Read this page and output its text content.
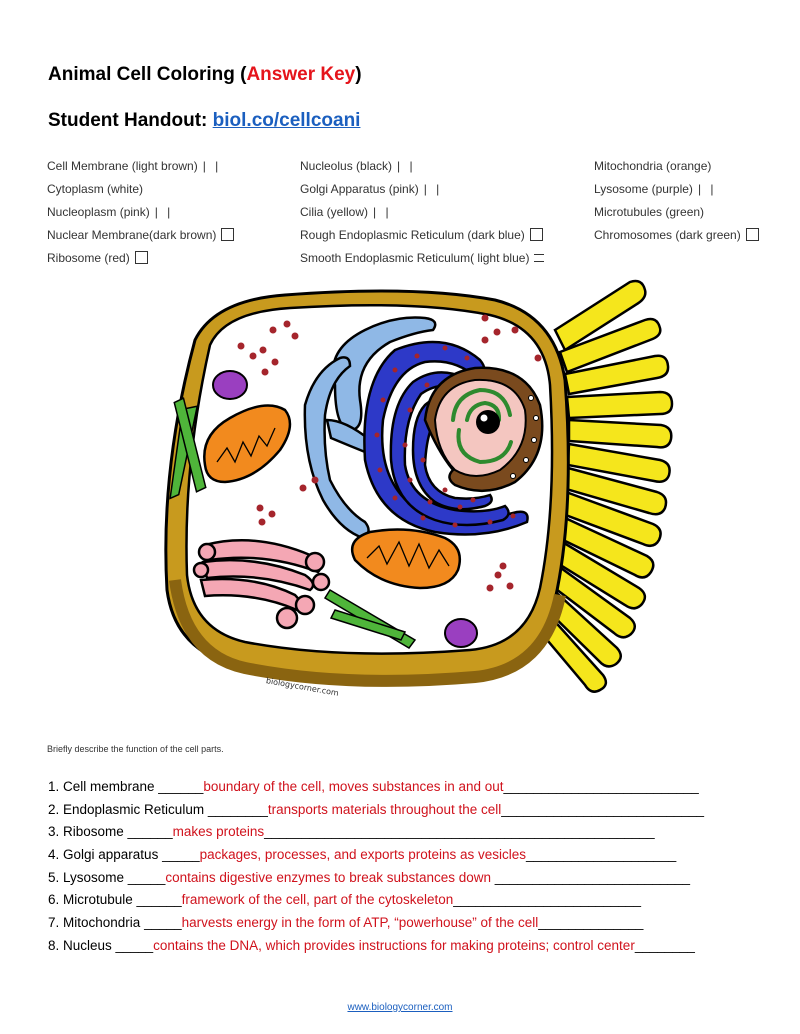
Animal Cell Coloring (Answer Key)
Student Handout: biol.co/cellcoani
Cell Membrane (light brown) | |
Cytoplasm (white)
Nucleoplasm (pink) | |
Nuclear Membrane(dark brown)
Ribosome (red)
Nucleolus (black) | |
Golgi Apparatus (pink) | |
Cilia (yellow) | |
Rough Endoplasmic Reticulum (dark blue)
Smooth Endoplasmic Reticulum( light blue)
Mitochondria (orange)
Lysosome (purple) | |
Microtubules (green)
Chromosomes (dark green)
biologycorner.com
Briefly describe the function of the cell parts.
1. Cell membrane ______boundary of the cell, moves substances in and out__________________________
2. Endoplasmic Reticulum ________transports materials throughout the cell___________________________
3. Ribosome ______makes proteins____________________________________________________
4. Golgi apparatus _____packages, processes, and exports proteins as vesicles____________________
5. Lysosome _____contains digestive enzymes to break substances down __________________________
6. Microtubule ______framework of the cell, part of the cytoskeleton_________________________
7. Mitochondria _____harvests energy in the form of ATP, “powerhouse” of the cell______________
8. Nucleus _____contains the DNA, which provides instructions for making proteins; control center________
www.biologycorner.com
